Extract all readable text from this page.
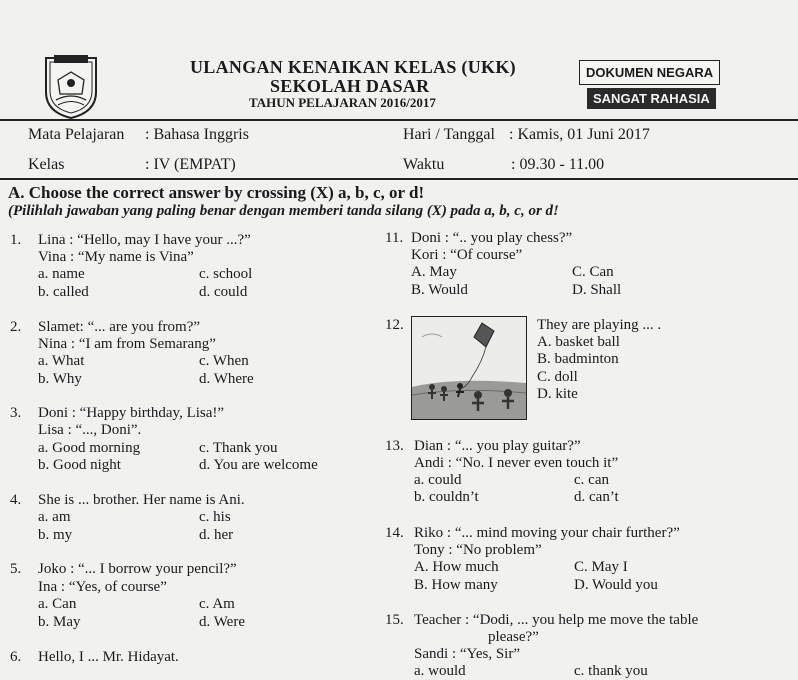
ULANGAN KENAIKAN KELAS (UKK)
SEKOLAH DASAR
TAHUN PELAJARAN 2016/2017
DOKUMEN NEGARA
SANGAT RAHASIA
Mata Pelajaran : Bahasa Inggris
Kelas	: IV (EMPAT)
Hari / Tanggal : Kamis, 01 Juni 2017
Waktu	: 09.30 - 11.00
A. Choose the correct answer by crossing (X) a, b, c, or d!
(Pilihlah jawaban yang paling benar dengan memberi tanda silang (X) pada a, b, c, or d!
1. Lina : “Hello, may I have your ...?”
Vina : “My name is Vina”
a. name
b. called
c. school
d. could
2. Slamet: “... are you from?”
Nina : “I am from Semarang”
a. What
b. Why
c. When
d. Where
3. Doni : “Happy birthday, Lisa!”
Lisa : “..., Doni”.
a. Good morning
b. Good night
c. Thank you
d. You are welcome
4. She is ... brother. Her name is Ani.
a. am
b. my
c. his
d. her
5. Joko : “... I borrow your pencil?”
Ina : “Yes, of course”
a. Can
b. May
c. Am
d. Were
6. Hello, I ... Mr. Hidayat.
11. Doni : “.. you play chess?”
Kori : “Of course”
A. May
B. Would
C. Can
D. Shall
12.	They are playing ... .
A. basket ball
B. badminton
C. doll
D. kite
13. Dian : “... you play guitar?”
Andi : “No. I never even touch it”
a. could
b. couldn’t
c. can
d. can’t
14. Riko : “... mind moving your chair further?”
Tony : “No problem”
A. How much
B. How many
C. May I
D. Would you
15. Teacher : “Dodi, ... you help me move the table
please?”
Sandi : “Yes, Sir”
a. would	c. thank you
